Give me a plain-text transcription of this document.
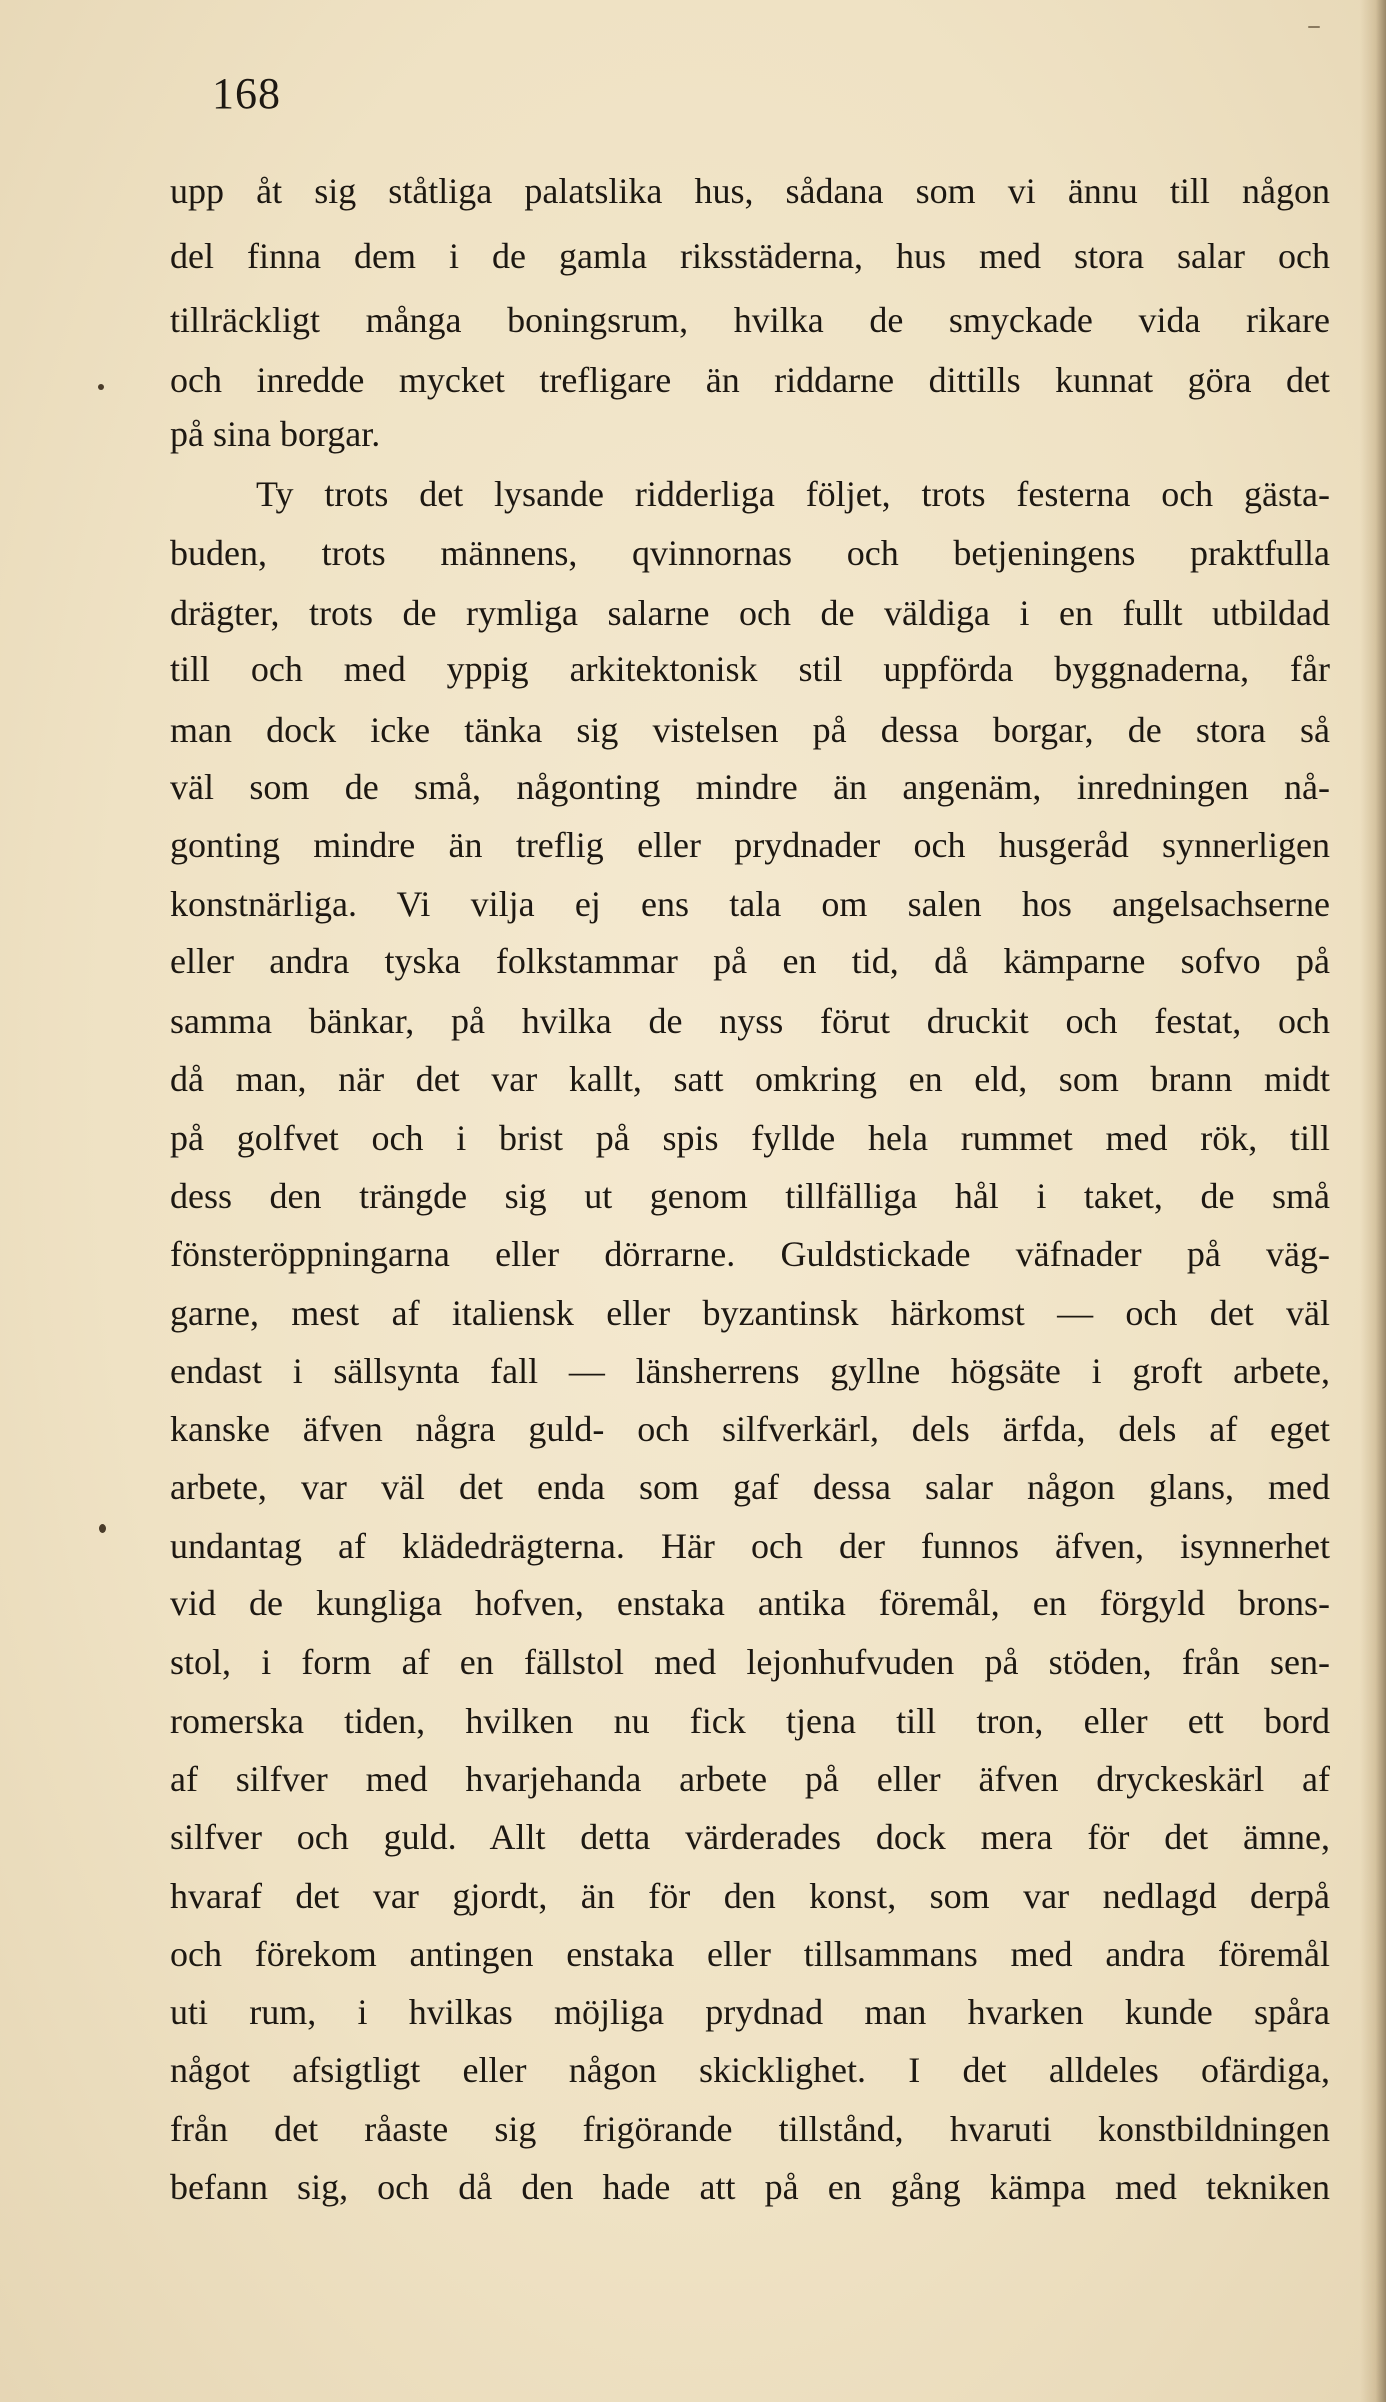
168
upp åt sig ståtliga palatslika hus, sådana som vi ännu till någon
del finna dem i de gamla riksstäderna, hus med stora salar och
tillräckligt många boningsrum, hvilka de smyckade vida rikare
och inredde mycket trefligare än riddarne dittills kunnat göra det
på sina borgar.
Ty trots det lysande ridderliga följet, trots festerna och gästa-
buden, trots männens, qvinnornas och betjeningens praktfulla
drägter, trots de rymliga salarne och de väldiga i en fullt utbildad
till och med yppig arkitektonisk stil uppförda byggnaderna, får
man dock icke tänka sig vistelsen på dessa borgar, de stora så
väl som de små, någonting mindre än angenäm, inredningen nå-
gonting mindre än treflig eller prydnader och husgeråd synnerligen
konstnärliga. Vi vilja ej ens tala om salen hos angelsachserne
eller andra tyska folkstammar på en tid, då kämparne sofvo på
samma bänkar, på hvilka de nyss förut druckit och festat, och
då man, när det var kallt, satt omkring en eld, som brann midt
på golfvet och i brist på spis fyllde hela rummet med rök, till
dess den trängde sig ut genom tillfälliga hål i taket, de små
fönsteröppningarna eller dörrarne. Guldstickade väfnader på väg-
garne, mest af italiensk eller byzantinsk härkomst — och det väl
endast i sällsynta fall — länsherrens gyllne högsäte i groft arbete,
kanske äfven några guld- och silfverkärl, dels ärfda, dels af eget
arbete, var väl det enda som gaf dessa salar någon glans, med
undantag af klädedrägterna. Här och der funnos äfven, isynnerhet
vid de kungliga hofven, enstaka antika föremål, en förgyld brons-
stol, i form af en fällstol med lejonhufvuden på stöden, från sen-
romerska tiden, hvilken nu fick tjena till tron, eller ett bord
af silfver med hvarjehanda arbete på eller äfven dryckeskärl af
silfver och guld. Allt detta värderades dock mera för det ämne,
hvaraf det var gjordt, än för den konst, som var nedlagd derpå
och förekom antingen enstaka eller tillsammans med andra föremål
uti rum, i hvilkas möjliga prydnad man hvarken kunde spåra
något afsigtligt eller någon skicklighet. I det alldeles ofärdiga,
från det råaste sig frigörande tillstånd, hvaruti konstbildningen
befann sig, och då den hade att på en gång kämpa med tekniken
